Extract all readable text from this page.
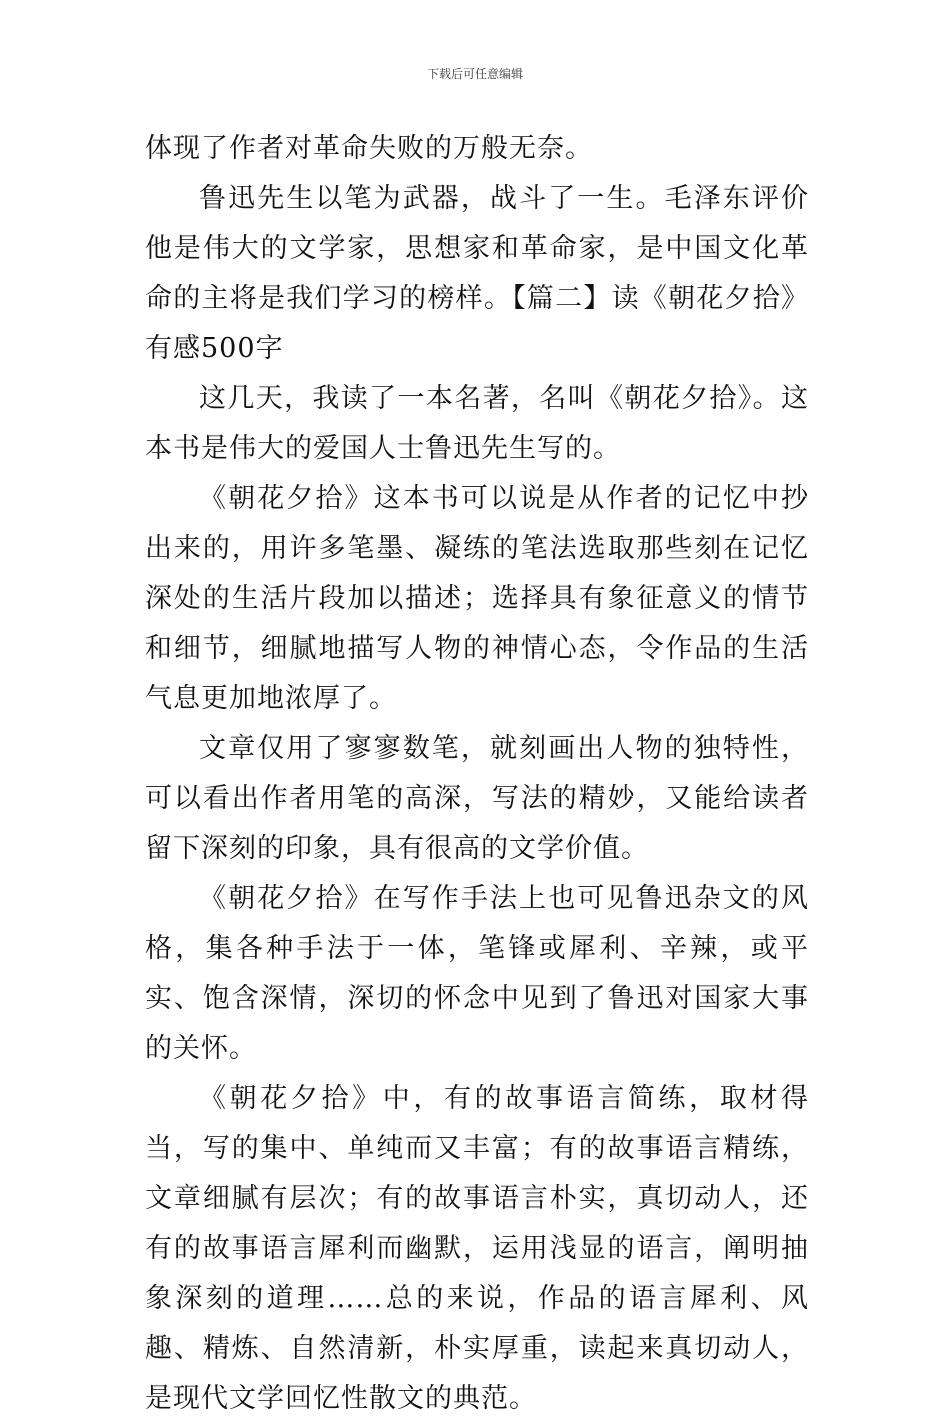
下载后可任意编辑

体现了作者对革命失败的万般无奈。

鲁迅先生以笔为武器，战斗了一生。毛泽东评价他是伟大的文学家，思想家和革命家，是中国文化革命的主将是我们学习的榜样。【篇二】读《朝花夕拾》有感500字

这几天，我读了一本名著，名叫《朝花夕拾》。这本书是伟大的爱国人士鲁迅先生写的。

《朝花夕拾》这本书可以说是从作者的记忆中抄出来的，用许多笔墨、凝练的笔法选取那些刻在记忆深处的生活片段加以描述；选择具有象征意义的情节和细节，细腻地描写人物的神情心态，令作品的生活气息更加地浓厚了。

文章仅用了寥寥数笔，就刻画出人物的独特性，可以看出作者用笔的高深，写法的精妙，又能给读者留下深刻的印象，具有很高的文学价值。

《朝花夕拾》在写作手法上也可见鲁迅杂文的风格，集各种手法于一体，笔锋或犀利、辛辣，或平实、饱含深情，深切的怀念中见到了鲁迅对国家大事的关怀。

《朝花夕拾》中，有的故事语言简练，取材得当，写的集中、单纯而又丰富；有的故事语言精练，文章细腻有层次；有的故事语言朴实，真切动人，还有的故事语言犀利而幽默，运用浅显的语言，阐明抽象深刻的道理……总的来说，作品的语言犀利、风趣、精炼、自然清新，朴实厚重，读起来真切动人，是现代文学回忆性散文的典范。
